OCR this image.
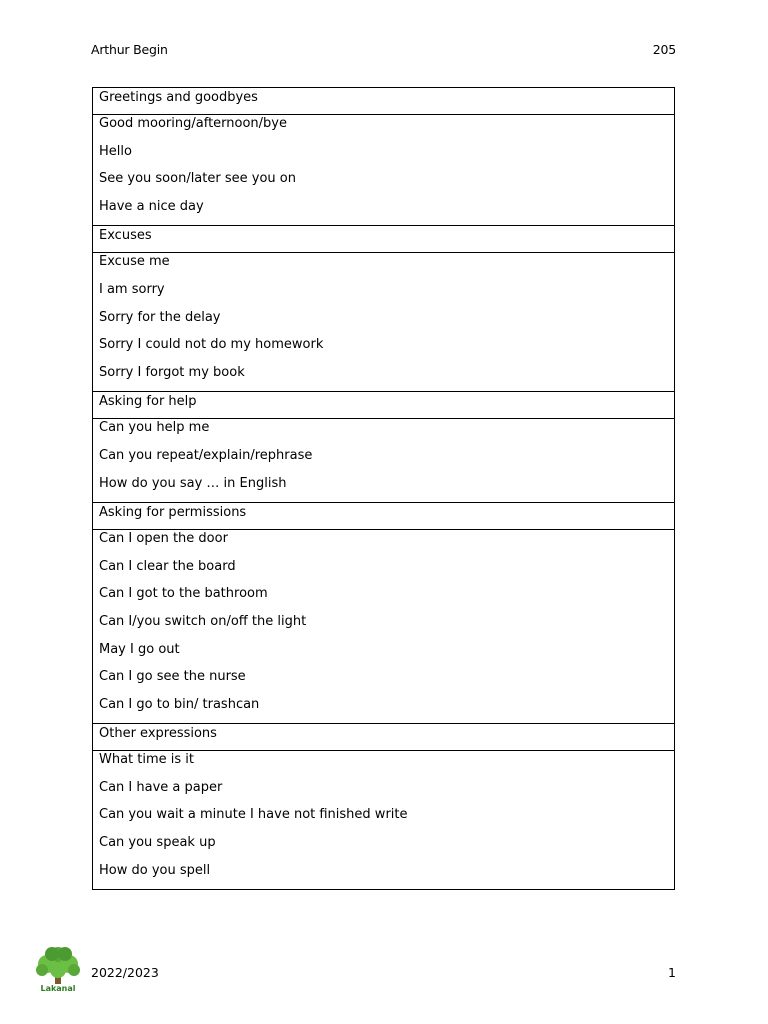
Arthur Begin	205
Greetings and goodbyes
Good mooring/afternoon/bye
Hello
See you soon/later see you on
Have a nice day
Excuses
Excuse me
I am sorry
Sorry for the delay
Sorry I could not do my homework
Sorry I forgot my book
Asking for help
Can you help me
Can you repeat/explain/rephrase
How do you say … in English
Asking for permissions
Can I open the door
Can I clear the board
Can I got to the bathroom
Can I/you switch on/off the light
May I go out
Can I go see the nurse
Can I go to bin/ trashcan
Other expressions
What time is it
Can I have a paper
Can you wait a minute I have not finished write
Can you speak up
How do you spell
Lakanal
2022/2023	1
